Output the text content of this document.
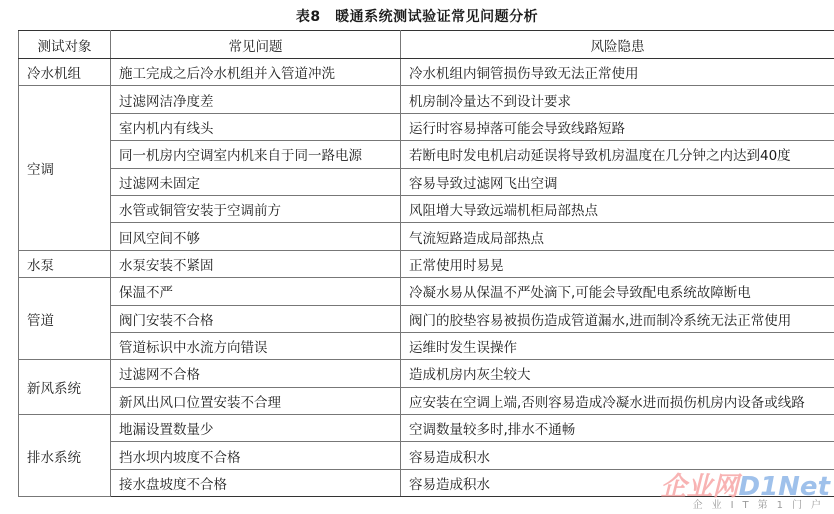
表8　暖通系统测试验证常见问题分析
测试对象	常见问题	风险隐患
冷水机组	施工完成之后冷水机组并入管道冲洗	冷水机组内铜管损伤导致无法正常使用
空调	过滤网洁净度差	机房制冷量达不到设计要求
	室内机内有线头	运行时容易掉落可能会导致线路短路
	同一机房内空调室内机来自于同一路电源	若断电时发电机启动延误将导致机房温度在几分钟之内达到40度
	过滤网未固定	容易导致过滤网飞出空调
	水管或铜管安装于空调前方	风阻增大导致远端机柜局部热点
	回风空间不够	气流短路造成局部热点
水泵	水泵安装不紧固	正常使用时易晃
管道	保温不严	冷凝水易从保温不严处滴下,可能会导致配电系统故障断电
	阀门安装不合格	阀门的胶垫容易被损伤造成管道漏水,进而制冷系统无法正常使用
	管道标识中水流方向错误	运维时发生误操作
新风系统	过滤网不合格	造成机房内灰尘较大
	新风出风口位置安装不合理	应安装在空调上端,否则容易造成冷凝水进而损伤机房内设备或线路
排水系统	地漏设置数量少	空调数量较多时,排水不通畅
	挡水坝内坡度不合格	容易造成积水
	接水盘坡度不合格	容易造成积水	企业网D1Net
企业IT第1门户
